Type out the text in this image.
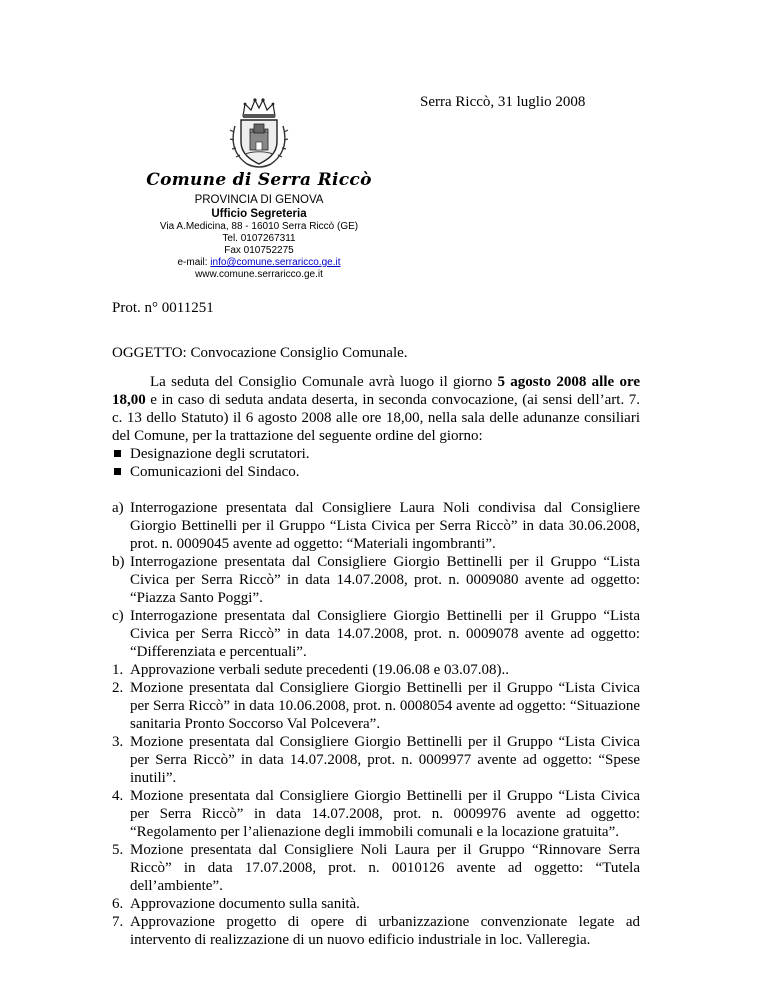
Serra Riccò, 31 luglio 2008
Comune di Serra Riccò
PROVINCIA DI GENOVA
Ufficio Segreteria
Via A.Medicina, 88 - 16010 Serra Riccò (GE)
Tel. 0107267311
Fax 010752275
e-mail: info@comune.serraricco.ge.it
www.comune.serraricco.ge.it
Prot. n° 0011251
OGGETTO: Convocazione Consiglio Comunale.

La seduta del Consiglio Comunale avrà luogo il giorno 5 agosto 2008 alle ore 18,00 e in caso di seduta andata deserta, in seconda convocazione, (ai sensi dell’art. 7. c. 13 dello Statuto) il 6 agosto 2008 alle ore 18,00, nella sala delle adunanze consiliari del Comune, per la trattazione del seguente ordine del giorno:

Designazione degli scrutatori.
Comunicazioni del Sindaco.
a) Interrogazione presentata dal Consigliere Laura Noli condivisa dal Consigliere Giorgio Bettinelli per il Gruppo “Lista Civica per Serra Riccò” in data 30.06.2008, prot. n. 0009045 avente ad oggetto: “Materiali ingombranti”.
b) Interrogazione presentata dal Consigliere Giorgio Bettinelli per il Gruppo “Lista Civica per Serra Riccò” in data 14.07.2008, prot. n. 0009080 avente ad oggetto: “Piazza Santo Poggi”.
c) Interrogazione presentata dal Consigliere Giorgio Bettinelli per il Gruppo “Lista Civica per Serra Riccò” in data 14.07.2008, prot. n. 0009078 avente ad oggetto: “Differenziata e percentuali”.
1. Approvazione verbali sedute precedenti (19.06.08 e 03.07.08)..
2. Mozione presentata dal Consigliere Giorgio Bettinelli per il Gruppo “Lista Civica per Serra Riccò” in data 10.06.2008, prot. n. 0008054 avente ad oggetto: “Situazione sanitaria Pronto Soccorso Val Polcevera”.
3. Mozione presentata dal Consigliere Giorgio Bettinelli per il Gruppo “Lista Civica per Serra Riccò” in data 14.07.2008, prot. n. 0009977 avente ad oggetto: “Spese inutili”.
4. Mozione presentata dal Consigliere Giorgio Bettinelli per il Gruppo “Lista Civica per Serra Riccò” in data 14.07.2008, prot. n. 0009976 avente ad oggetto: “Regolamento per l’alienazione degli immobili comunali e la locazione gratuita”.
5. Mozione presentata dal Consigliere Noli Laura per il Gruppo “Rinnovare Serra Riccò” in data 17.07.2008, prot. n. 0010126 avente ad oggetto: “Tutela dell’ambiente”.
6. Approvazione documento sulla sanità.
7. Approvazione progetto di opere di urbanizzazione convenzionate legate ad intervento di realizzazione di un nuovo edificio industriale in loc. Valleregia.
